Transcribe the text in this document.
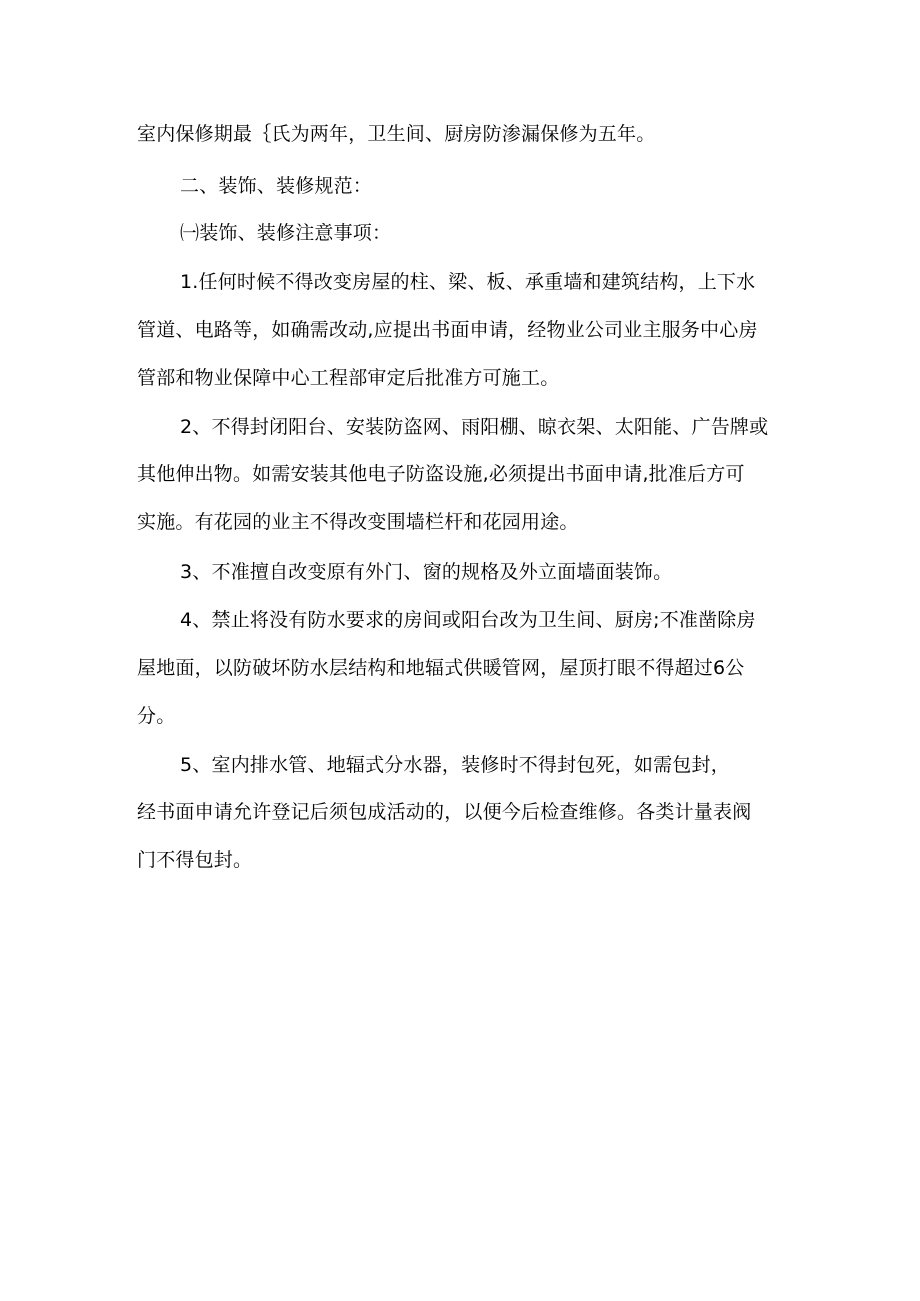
室内保修期最｛氏为两年，卫生间、厨房防渗漏保修为五年。
二、装饰、装修规范：
㈠装饰、装修注意事项：
1.任何时候不得改变房屋的柱、梁、板、承重墙和建筑结构，上下水
管道、电路等，如确需改动,应提出书面申请，经物业公司业主服务中心房
管部和物业保障中心工程部审定后批准方可施工。
2、不得封闭阳台、安装防盗网、雨阳棚、晾衣架、太阳能、广告牌或
其他伸出物。如需安装其他电子防盗设施,必须提出书面申请,批准后方可
实施。有花园的业主不得改变围墙栏杆和花园用途。
3、不准擅自改变原有外门、窗的规格及外立面墙面装饰。
4、禁止将没有防水要求的房间或阳台改为卫生间、厨房;不准凿除房
屋地面，以防破坏防水层结构和地辐式供暖管网，屋顶打眼不得超过6公
分。
5、室内排水管、地辐式分水器，装修时不得封包死，如需包封，
经书面申请允许登记后须包成活动的，以便今后检查维修。各类计量表阀
门不得包封。
